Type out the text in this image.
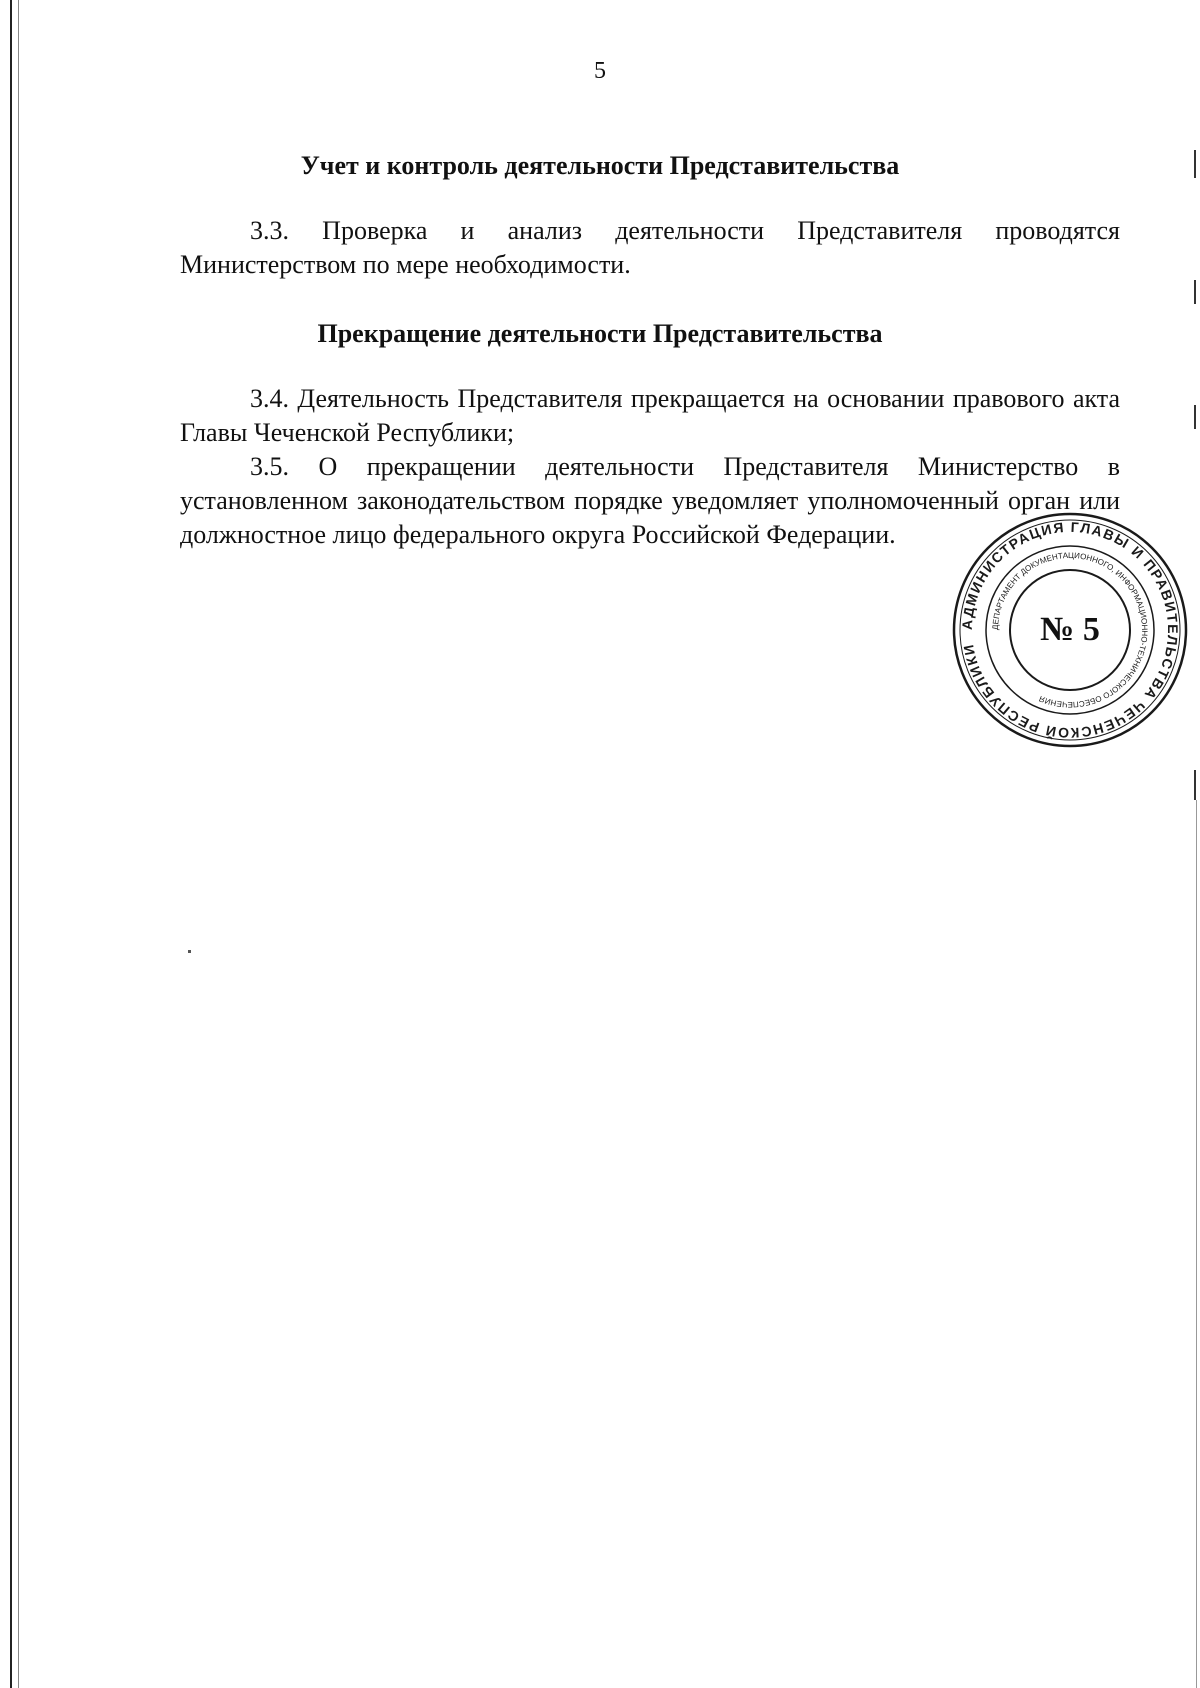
5
Учет и контроль деятельности Представительства

3.3. Проверка и анализ деятельности Представителя проводятся Министерством по мере необходимости.

Прекращение деятельности Представительства

3.4. Деятельность Представителя прекращается на основании правового акта Главы Чеченской Республики;

3.5. О прекращении деятельности Представителя Министерство в установленном законодательством порядке уведомляет уполномоченный орган или должностное лицо федерального округа Российской Федерации.

АДМИНИСТРАЦИЯ ГЛАВЫ И ПРАВИТЕЛЬСТВА ЧЕЧЕНСКОЙ РЕСПУБЛИКИ
ДЕПАРТАМЕНТ ДОКУМЕНТАЦИОННОГО, ИНФОРМАЦИОННО-ТЕХНИЧЕСКОГО ОБЕСПЕЧЕНИЯ
№ 5
